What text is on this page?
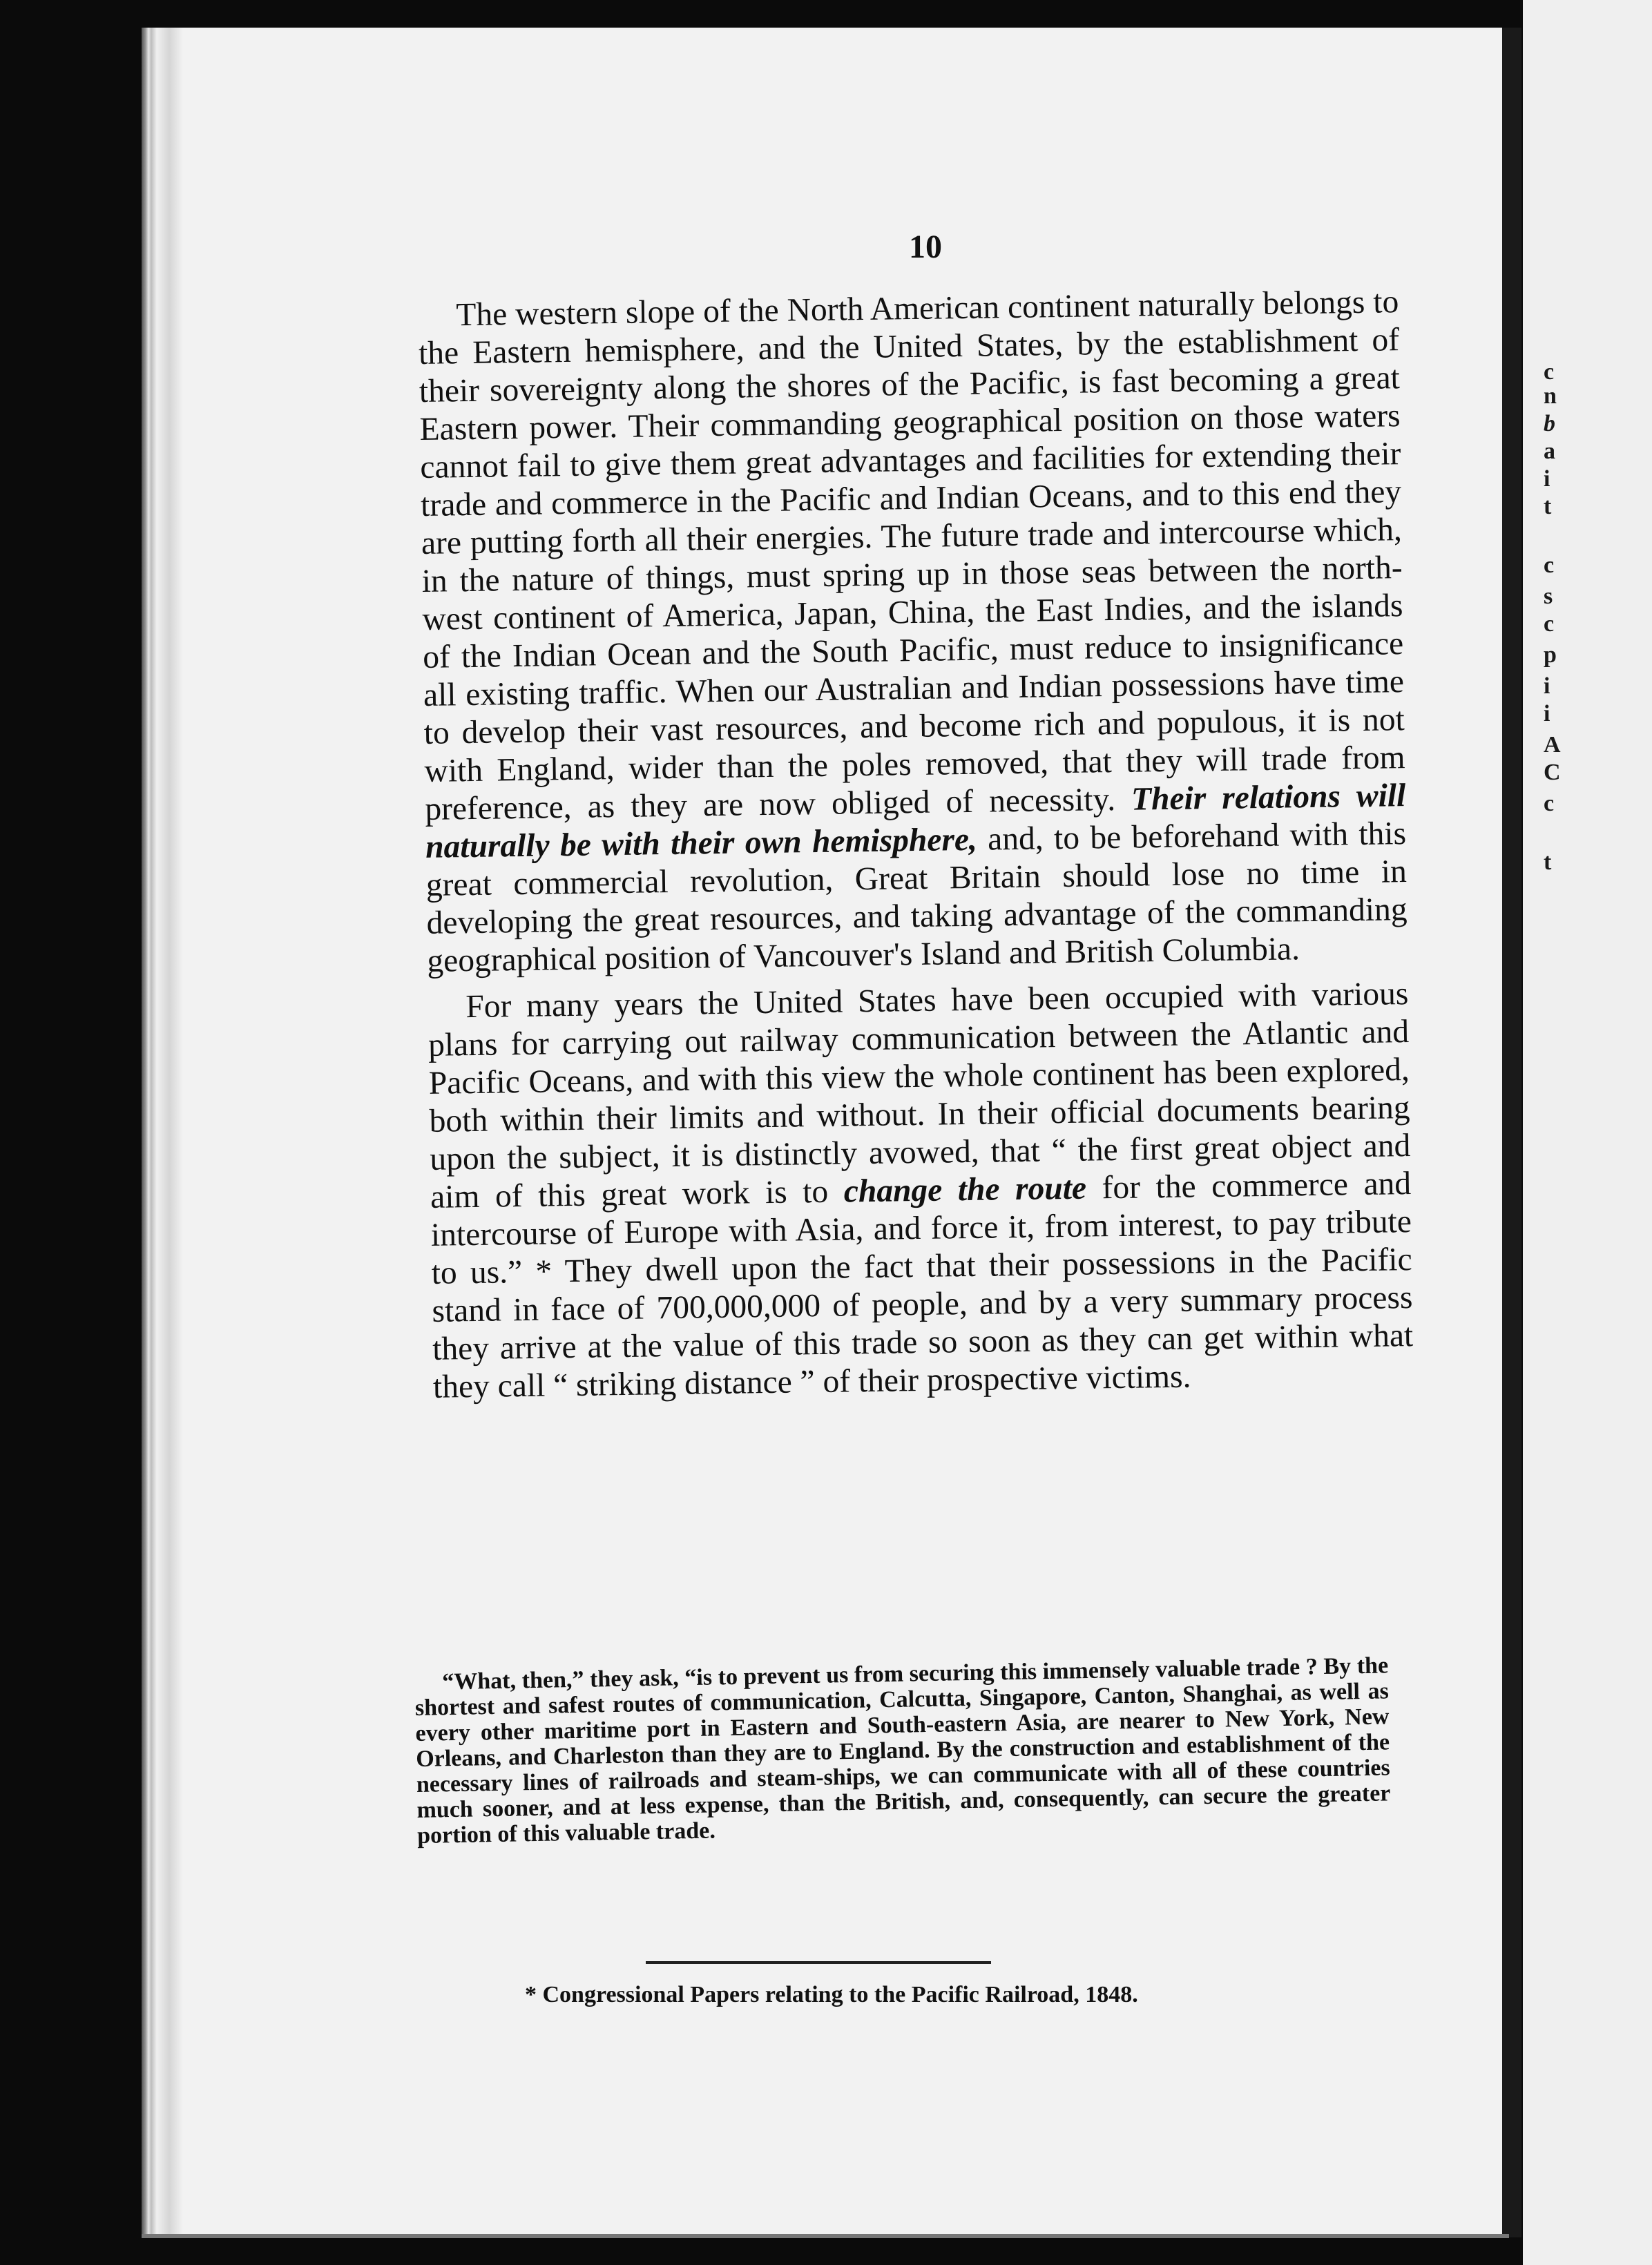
c
n
b
a
i
t
c
s
c
p
i
i
A
C
c
t
10

The western slope of the North American continent naturally belongs to the Eastern hemisphere, and the United States, by the establishment of their sovereignty along the shores of the Pacific, is fast becoming a great Eastern power. Their commanding geographical position on those waters cannot fail to give them great advantages and facilities for extending their trade and commerce in the Pacific and Indian Oceans, and to this end they are putting forth all their energies. The future trade and intercourse which, in the nature of things, must spring up in those seas between the north-west continent of America, Japan, China, the East Indies, and the islands of the Indian Ocean and the South Pacific, must reduce to insignificance all existing traffic. When our Australian and Indian possessions have time to develop their vast resources, and become rich and populous, it is not with England, wider than the poles removed, that they will trade from preference, as they are now obliged of necessity. Their relations will naturally be with their own hemisphere, and, to be beforehand with this great commercial revolution, Great Britain should lose no time in developing the great resources, and taking advantage of the commanding geographical position of Vancouver's Island and British Columbia.

For many years the United States have been occupied with various plans for carrying out railway communication between the Atlantic and Pacific Oceans, and with this view the whole continent has been explored, both within their limits and without. In their official documents bearing upon the subject, it is distinctly avowed, that “ the first great object and aim of this great work is to change the route for the commerce and intercourse of Europe with Asia, and force it, from interest, to pay tribute to us.” * They dwell upon the fact that their possessions in the Pacific stand in face of 700,000,000 of people, and by a very summary process they arrive at the value of this trade so soon as they can get within what they call “ striking distance ” of their prospective victims.

“What, then,” they ask, “is to prevent us from securing this immensely valuable trade ? By the shortest and safest routes of communication, Calcutta, Singapore, Canton, Shanghai, as well as every other maritime port in Eastern and South-eastern Asia, are nearer to New York, New Orleans, and Charleston than they are to England. By the construction and establishment of the necessary lines of railroads and steam-ships, we can communicate with all of these countries much sooner, and at less expense, than the British, and, consequently, can secure the greater portion of this valuable trade.

* Congressional Papers relating to the Pacific Railroad, 1848.
